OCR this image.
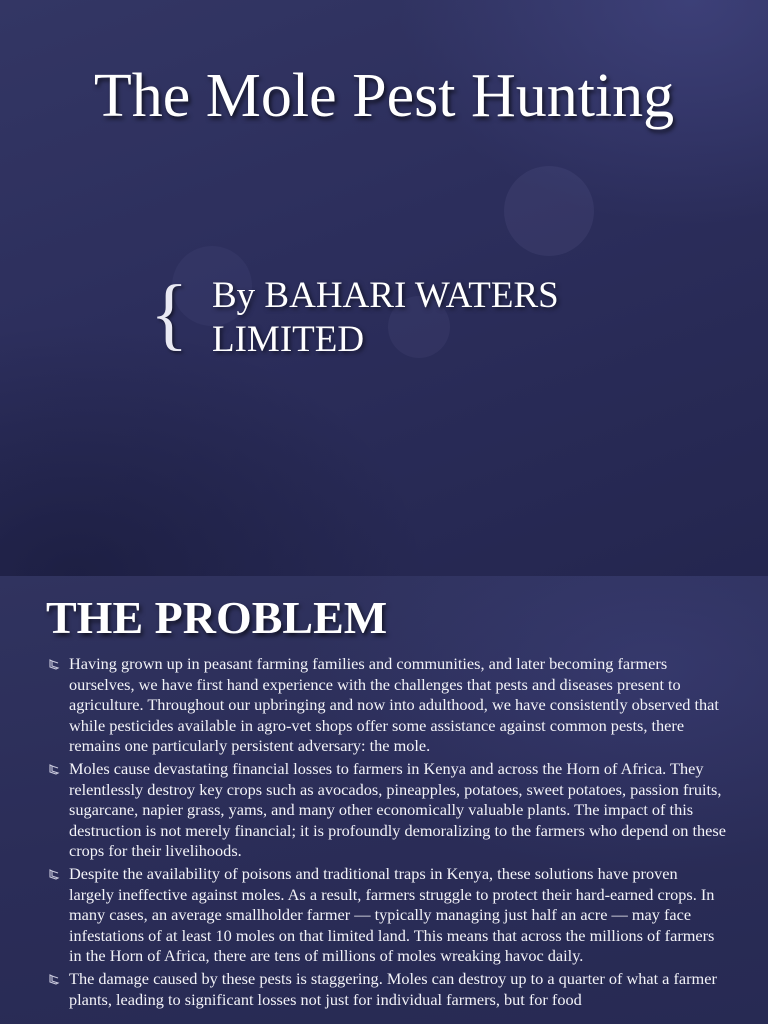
The Mole Pest Hunting
{ By BAHARI WATERS
LIMITED
THE PROBLEM
Having grown up in peasant farming families and communities, and later becoming farmers ourselves, we have first hand experience with the challenges that pests and diseases present to agriculture. Throughout our upbringing and now into adulthood, we have consistently observed that while pesticides available in agro-vet shops offer some assistance against common pests, there remains one particularly persistent adversary: the mole.
Moles cause devastating financial losses to farmers in Kenya and across the Horn of Africa. They relentlessly destroy key crops such as avocados, pineapples, potatoes, sweet potatoes, passion fruits, sugarcane, napier grass, yams, and many other economically valuable plants. The impact of this destruction is not merely financial; it is profoundly demoralizing to the farmers who depend on these crops for their livelihoods.
Despite the availability of poisons and traditional traps in Kenya, these solutions have proven largely ineffective against moles. As a result, farmers struggle to protect their hard-earned crops. In many cases, an average smallholder farmer — typically managing just half an acre — may face infestations of at least 10 moles on that limited land. This means that across the millions of farmers in the Horn of Africa, there are tens of millions of moles wreaking havoc daily.
The damage caused by these pests is staggering. Moles can destroy up to a quarter of what a farmer plants, leading to significant losses not just for individual farmers, but for food
